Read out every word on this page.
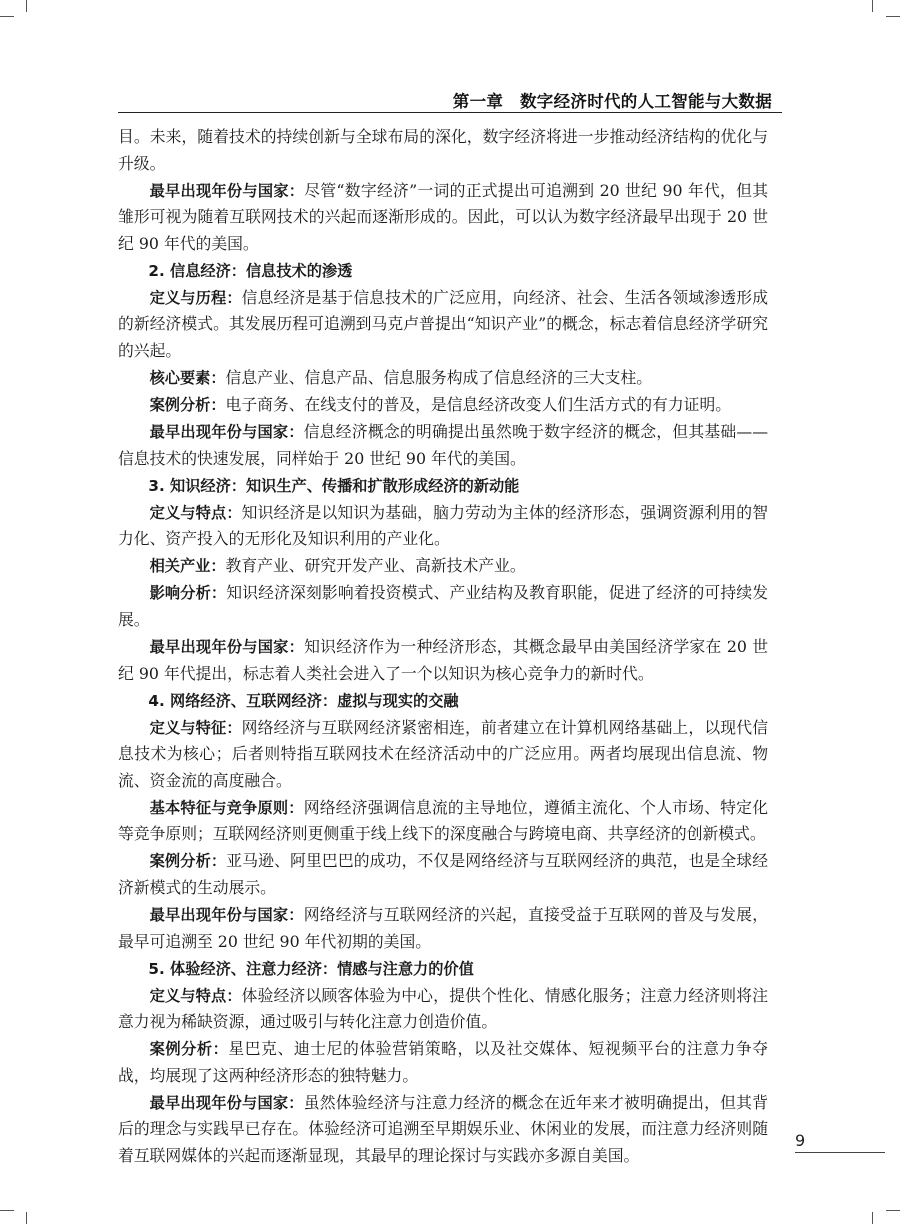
第一章　数字经济时代的人工智能与大数据

目。未来，随着技术的持续创新与全球布局的深化，数字经济将进一步推动经济结构的优化与升级。

最早出现年份与国家：尽管“数字经济”一词的正式提出可追溯到 20 世纪 90 年代，但其雏形可视为随着互联网技术的兴起而逐渐形成的。因此，可以认为数字经济最早出现于 20 世纪 90 年代的美国。

2. 信息经济：信息技术的渗透

定义与历程：信息经济是基于信息技术的广泛应用，向经济、社会、生活各领域渗透形成的新经济模式。其发展历程可追溯到马克卢普提出“知识产业”的概念，标志着信息经济学研究的兴起。

核心要素：信息产业、信息产品、信息服务构成了信息经济的三大支柱。

案例分析：电子商务、在线支付的普及，是信息经济改变人们生活方式的有力证明。

最早出现年份与国家：信息经济概念的明确提出虽然晚于数字经济的概念，但其基础——信息技术的快速发展，同样始于 20 世纪 90 年代的美国。

3. 知识经济：知识生产、传播和扩散形成经济的新动能

定义与特点：知识经济是以知识为基础，脑力劳动为主体的经济形态，强调资源利用的智力化、资产投入的无形化及知识利用的产业化。

相关产业：教育产业、研究开发产业、高新技术产业。

影响分析：知识经济深刻影响着投资模式、产业结构及教育职能，促进了经济的可持续发展。

最早出现年份与国家：知识经济作为一种经济形态，其概念最早由美国经济学家在 20 世纪 90 年代提出，标志着人类社会进入了一个以知识为核心竞争力的新时代。

4. 网络经济、互联网经济：虚拟与现实的交融

定义与特征：网络经济与互联网经济紧密相连，前者建立在计算机网络基础上，以现代信息技术为核心；后者则特指互联网技术在经济活动中的广泛应用。两者均展现出信息流、物流、资金流的高度融合。

基本特征与竞争原则：网络经济强调信息流的主导地位，遵循主流化、个人市场、特定化等竞争原则；互联网经济则更侧重于线上线下的深度融合与跨境电商、共享经济的创新模式。

案例分析：亚马逊、阿里巴巴的成功，不仅是网络经济与互联网经济的典范，也是全球经济新模式的生动展示。

最早出现年份与国家：网络经济与互联网经济的兴起，直接受益于互联网的普及与发展，最早可追溯至 20 世纪 90 年代初期的美国。

5. 体验经济、注意力经济：情感与注意力的价值

定义与特点：体验经济以顾客体验为中心，提供个性化、情感化服务；注意力经济则将注意力视为稀缺资源，通过吸引与转化注意力创造价值。

案例分析：星巴克、迪士尼的体验营销策略，以及社交媒体、短视频平台的注意力争夺战，均展现了这两种经济形态的独特魅力。

最早出现年份与国家：虽然体验经济与注意力经济的概念在近年来才被明确提出，但其背后的理念与实践早已存在。体验经济可追溯至早期娱乐业、休闲业的发展，而注意力经济则随着互联网媒体的兴起而逐渐显现，其最早的理论探讨与实践亦多源自美国。

9
